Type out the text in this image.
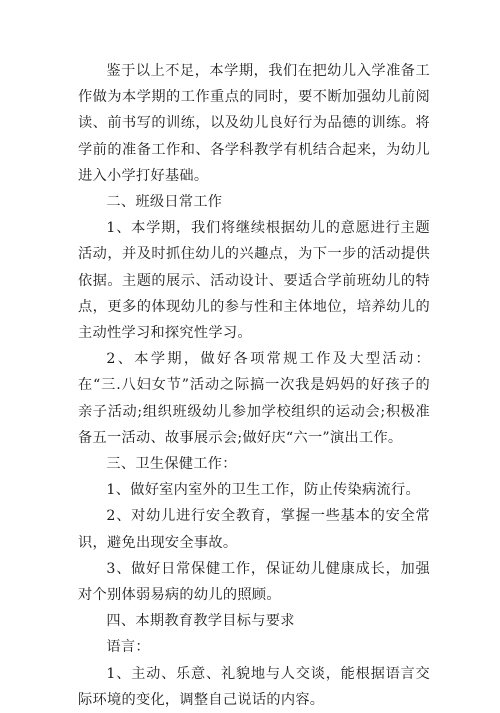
鉴于以上不足，本学期，我们在把幼儿入学准备工作做为本学期的工作重点的同时，要不断加强幼儿前阅读、前书写的训练，以及幼儿良好行为品德的训练。将学前的准备工作和、各学科教学有机结合起来，为幼儿进入小学打好基础。

二、班级日常工作

1、本学期，我们将继续根据幼儿的意愿进行主题活动，并及时抓住幼儿的兴趣点，为下一步的活动提供依据。主题的展示、活动设计、要适合学前班幼儿的特点，更多的体现幼儿的参与性和主体地位，培养幼儿的主动性学习和探究性学习。

2、本学期，做好各项常规工作及大型活动：在“三.八妇女节”活动之际搞一次我是妈妈的好孩子的亲子活动;组织班级幼儿参加学校组织的运动会;积极准备五一活动、故事展示会;做好庆“六一”演出工作。

三、卫生保健工作：

1、做好室内室外的卫生工作，防止传染病流行。

2、对幼儿进行安全教育，掌握一些基本的安全常识，避免出现安全事故。

3、做好日常保健工作，保证幼儿健康成长，加强对个别体弱易病的幼儿的照顾。

四、本期教育教学目标与要求

语言：

1、主动、乐意、礼貌地与人交谈，能根据语言交际环境的变化，调整自己说话的内容。
